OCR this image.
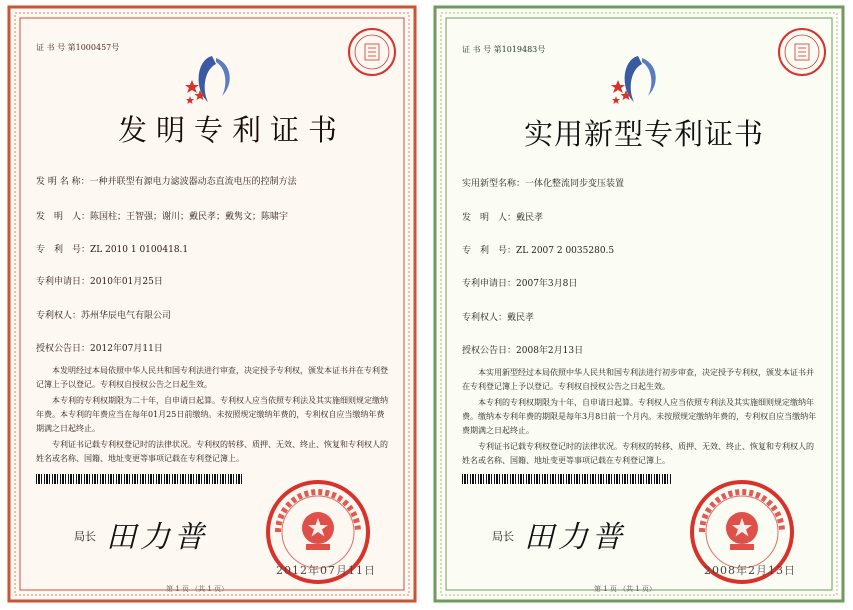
证 书 号 第1000457号
发明专利证书
发 明 名 称：一种并联型有源电力滤波器动态直流电压的控制方法
发　明　人：陈国柱；王智强；谢川；戴民孝；戴隽文；陈啸宇
专　利　号：ZL 2010 1 0100418.1
专利申请日：2010年01月25日
专利权人：苏州华辰电气有限公司
授权公告日：2012年07月11日
本发明经过本局依照中华人民共和国专利法进行审查，决定授予专利权，颁发本证书并在专利登记簿上予以登记。专利权自授权公告之日起生效。
本专利的专利权期限为二十年，自申请日起算。专利权人应当依照专利法及其实施细则规定缴纳年费。本专利的年费应当在每年01月25日前缴纳。未按照规定缴纳年费的，专利权自应当缴纳年费期满之日起终止。
专利证书记载专利权登记时的法律状况。专利权的转移、质押、无效、终止、恢复和专利权人的姓名或名称、国籍、地址变更等事项记载在专利登记簿上。
局长 田力普
2012年07月11日
第 1 页 （共 1 页）
证 书 号 第1019483号
实用新型专利证书
实用新型名称：一体化整流同步变压装置
发　明　人：戴民孝
专　利　号：ZL 2007 2 0035280.5
专利申请日：2007年3月8日
专利权人：戴民孝
授权公告日：2008年2月13日
本实用新型经过本局依照中华人民共和国专利法进行初步审查，决定授予专利权，颁发本证书并在专利登记簿上予以登记。专利权自授权公告之日起生效。
本专利的专利权期限为十年，自申请日起算。专利权人应当依照专利法及其实施细则规定缴纳年费。缴纳本专利年费的期限是每年3月8日前一个月内。未按照规定缴纳年费的，专利权自应当缴纳年费期满之日起终止。
专利证书记载专利权登记时的法律状况。专利权的转移、质押、无效、终止、恢复和专利权人的姓名或名称、国籍、地址变更等事项记载在专利登记簿上。
局长 田力普
2008年2月13日
第 1 页 （共 1 页）
